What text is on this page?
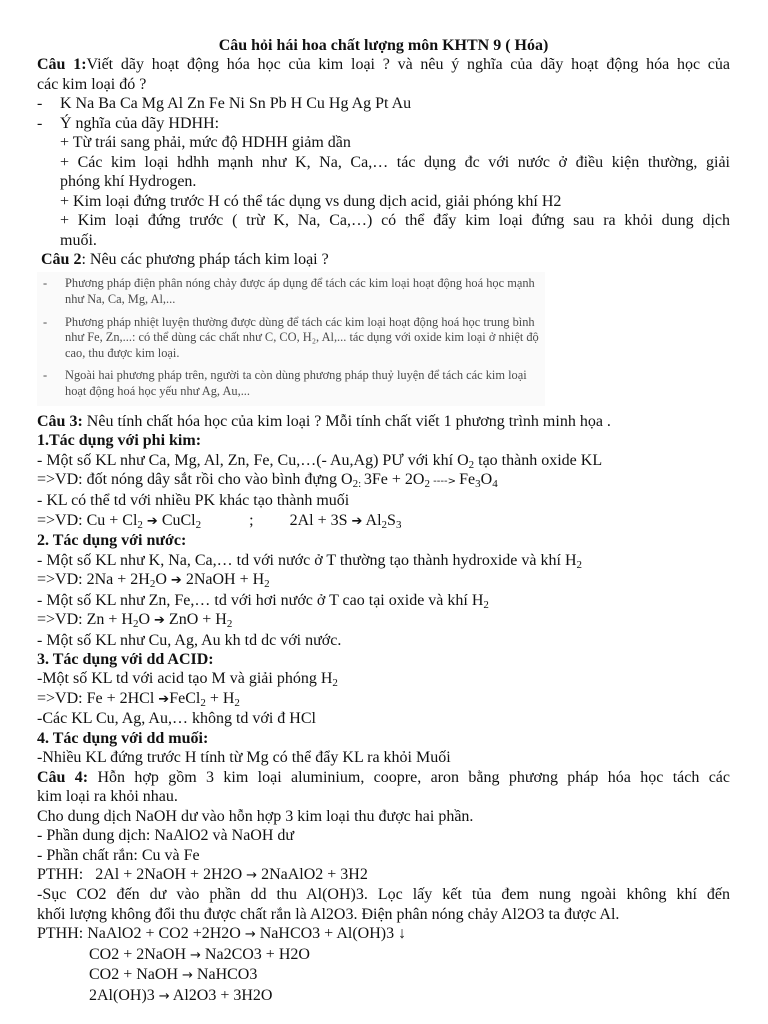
Câu hỏi hái hoa chất lượng môn KHTN 9 ( Hóa)
Câu 1:Viết dãy hoạt động hóa học của kim loại ? và nêu ý nghĩa của dãy hoạt động hóa học của
các kim loại đó ?
- K Na Ba Ca Mg Al Zn Fe Ni Sn Pb H Cu Hg Ag Pt Au
- Ý nghĩa của dãy HDHH:
+ Từ trái sang phải, mức độ HDHH giảm dần
+ Các kim loại hdhh mạnh như K, Na, Ca,… tác dụng đc với nước ở điều kiện thường, giải
phóng khí Hydrogen.
+ Kim loại đứng trước H có thể tác dụng vs dung dịch acid, giải phóng khí H2
+ Kim loại đứng trước ( trừ K, Na, Ca,…) có thể đẩy kim loại đứng sau ra khỏi dung dịch
muối.
Câu 2: Nêu các phương pháp tách kim loại ?
-	Phương pháp điện phân nóng chảy được áp dụng để tách các kim loại hoạt động hoá học mạnh như Na, Ca, Mg, Al,...
-	Phương pháp nhiệt luyện thường được dùng để tách các kim loại hoạt động hoá học trung bình như Fe, Zn,...: có thể dùng các chất như C, CO, H₂, Al,... tác dụng với oxide kim loại ở nhiệt độ cao, thu được kim loại.
-	Ngoài hai phương pháp trên, người ta còn dùng phương pháp thuỷ luyện để tách các kim loại hoạt động hoá học yếu như Ag, Au,...
Câu 3: Nêu tính chất hóa học của kim loại ? Mỗi tính chất viết 1 phương trình minh họa .
1.Tác dụng với phi kim:
- Một số KL như Ca, Mg, Al, Zn, Fe, Cu,…(- Au,Ag) PƯ với khí $O_2$ tạo thành oxide KL
=>VD: đốt nóng dây sắt rồi cho vào bình đựng $O_{2:}$ $3Fe + 2O_2$ ----> $Fe_3O_4$
- KL có thể td với nhiều PK khác tạo thành muối
=>VD: $Cu + Cl_2$ ➔ CuCl$_2$	; 2Al + 3S ➔ $Al_2S_3$
2. Tác dụng với nước:
- Một số KL như K, Na, Ca,… td với nước ở T thường tạo thành hydroxide và khí $H_2$
=>VD: $2Na + 2H_2O$ ➔ 2NaOH + $H_2$
- Một số KL như Zn, Fe,… td với hơi nước ở T cao tại oxide và khí $H_2$
=>VD: $Zn + H_2O$ ➔ ZnO + $H_2$
- Một số KL như Cu, Ag, Au kh td dc với nước.
3. Tác dụng với dd ACID:
-Một số KL td với acid tạo M và giải phóng $H_2$
=>VD: Fe + 2HCl ➔FeCl$_2$ + $H_2$
-Các KL Cu, Ag, Au,… không td với đ HCl
4. Tác dụng với dd muối:
-Nhiều KL đứng trước H tính từ Mg có thể đẩy KL ra khỏi Muối
Câu 4: Hỗn hợp gồm 3 kim loại aluminium, coopre, aron bằng phương pháp hóa học tách các
kim loại ra khỏi nhau.
Cho dung dịch NaOH dư vào hỗn hợp 3 kim loại thu được hai phần.
- Phần dung dịch: NaAlO2 và NaOH dư
- Phần chất rắn: Cu và Fe
PTHH:   2Al + 2NaOH + 2H2O → 2NaAlO2 + 3H2
-Sục CO2 đến dư vào phần dd thu Al(OH)3. Lọc lấy kết tủa đem nung ngoài không khí đến
khối lượng không đổi thu được chất rắn là Al2O3. Điện phân nóng chảy Al2O3 ta được Al.
PTHH: NaAlO2 + CO2 +2H2O → NaHCO3 + Al(OH)3 ↓
CO2 + 2NaOH → Na2CO3 + H2O
CO2 + NaOH → NaHCO3
2Al(OH)3 → Al2O3 + 3H2O
